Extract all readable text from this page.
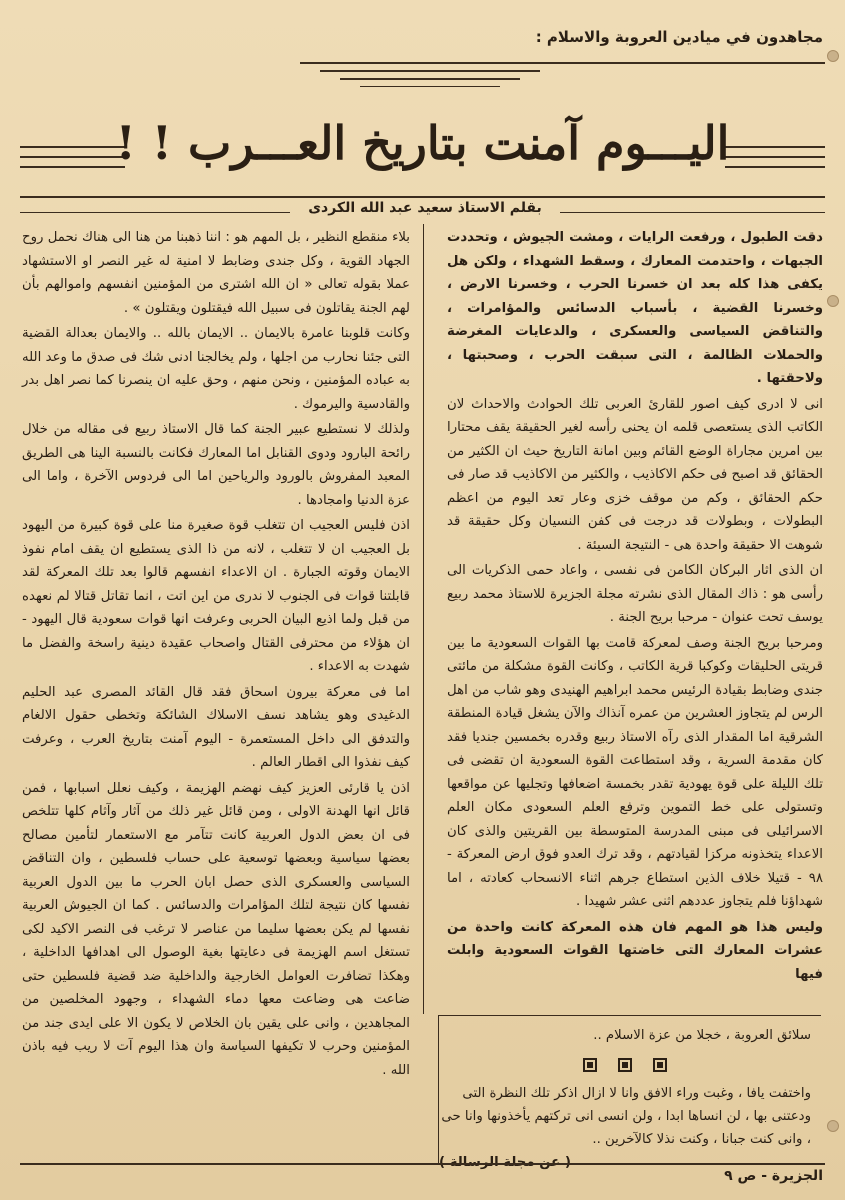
مجاهدون في ميادين العروبة والاسلام :
اليـــوم آمنت بتاريخ العـــرب ! !
بقلم الاستاذ سعيد عبد الله الكردى

دقت الطبول ، ورفعت الرايات ، ومشت الجيوش ، وتحددت الجبهات ، واحتدمت المعارك ، وسقط الشهداء ، ولكن هل يكفى هذا كله بعد ان خسرنا الحرب ، وخسرنا الارض ، وخسرنا القضية ، بأسباب الدسائس والمؤامرات ، والتناقض السياسى والعسكرى ، والدعايات المغرضة والحملات الظالمة ، التى سبقت الحرب ، وصحبتها ، ولاحقتها .

انى لا ادرى كيف اصور للقارئ العربى تلك الحوادث والاحداث لان الكاتب الذى يستعصى قلمه ان يحنى رأسه لغير الحقيقة يقف محتارا بين امرين مجاراة الوضع القائم وبين امانة التاريخ حيث ان الكثير من الحقائق قد اصبح فى حكم الاكاذيب ، والكثير من الاكاذيب قد صار فى حكم الحقائق ، وكم من موقف خزى وعار تعد اليوم من اعظم البطولات ، وبطولات قد درجت فى كفن النسيان وكل حقيقة قد شوهت الا حقيقة واحدة هى - النتيجة السيئة .

ان الذى اثار البركان الكامن فى نفسى ، واعاد حمى الذكريات الى رأسى هو : ذاك المقال الذى نشرته مجلة الجزيرة للاستاذ محمد ربيع يوسف تحت عنوان - مرحبا بريح الجنة .

ومرحبا بريح الجنة وصف لمعركة قامت بها القوات السعودية ما بين قريتى الحليقات وكوكبا قرية الكاتب ، وكانت القوة مشكلة من مائتى جندى وضابط بقيادة الرئيس محمد ابراهيم الهنيدى وهو شاب من اهل الرس لم يتجاوز العشرين من عمره آنذاك والآن يشغل قيادة المنطقة الشرقية اما المقدار الذى رآه الاستاذ ربيع وقدره بخمسين جنديا فقد كان مقدمة السرية ، وقد استطاعت القوة السعودية ان تقضى فى تلك الليلة على قوة يهودية تقدر بخمسة اضعافها وتجليها عن مواقعها وتستولى على خط التموين وترفع العلم السعودى مكان العلم الاسرائيلى فى مبنى المدرسة المتوسطة بين القريتين والذى كان الاعداء يتخذونه مركزا لقيادتهم ، وقد ترك العدو فوق ارض المعركة - ٩٨ - قتيلا خلاف الذين استطاع جرهم اثناء الانسحاب كعادته ، اما شهداؤنا فلم يتجاوز عددهم اثنى عشر شهيدا .

وليس هذا هو المهم فان هذه المعركة كانت واحدة من عشرات المعارك التى خاضتها القوات السعودية وابلت فيها

بلاء منقطع النظير ، بل المهم هو : اننا ذهبنا من هنا الى هناك نحمل روح الجهاد القوية ، وكل جندى وضابط لا امنية له غير النصر او الاستشهاد عملا بقوله تعالى « ان الله اشترى من المؤمنين انفسهم واموالهم بأن لهم الجنة يقاتلون فى سبيل الله فيقتلون ويقتلون » .

وكانت قلوبنا عامرة بالايمان .. الايمان بالله .. والايمان بعدالة القضية التى جئنا نحارب من اجلها ، ولم يخالجنا ادنى شك فى صدق ما وعد الله به عباده المؤمنين ، ونحن منهم ، وحق عليه ان ينصرنا كما نصر اهل بدر والقادسية واليرموك .

ولذلك لا نستطيع عبير الجنة كما قال الاستاذ ربيع فى مقاله من خلال رائحة البارود ودوى القنابل اما المعارك فكانت بالنسبة الينا هى الطريق المعبد المفروش بالورود والرياحين اما الى فردوس الآخرة ، واما الى عزة الدنيا وامجادها .

اذن فليس العجيب ان تتغلب قوة صغيرة منا على قوة كبيرة من اليهود بل العجيب ان لا تتغلب ، لانه من ذا الذى يستطيع ان يقف امام نفوذ الايمان وقوته الجبارة . ان الاعداء انفسهم قالوا بعد تلك المعركة لقد قابلتنا قوات فى الجنوب لا ندرى من اين اتت ، انما تقاتل قتالا لم نعهده من قبل ولما اذيع البيان الحربى وعرفت انها قوات سعودية قال اليهود - ان هؤلاء من محترفى القتال واصحاب عقيدة دينية راسخة والفضل ما شهدت به الاعداء .

اما فى معركة بيرون اسحاق فقد قال القائد المصرى عبد الحليم الدغيدى وهو يشاهد نسف الاسلاك الشائكة وتخطى حقول الالغام والتدفق الى داخل المستعمرة - اليوم آمنت بتاريخ العرب ، وعرفت كيف نفذوا الى اقطار العالم .

اذن يا قارئى العزيز كيف نهضم الهزيمة ، وكيف نعلل اسبابها ، فمن قائل انها الهدنة الاولى ، ومن قائل غير ذلك من آثار وآثام كلها تتلخص فى ان بعض الدول العربية كانت تتآمر مع الاستعمار لتأمين مصالح بعضها سياسية وبعضها توسعية على حساب فلسطين ، وان التناقض السياسى والعسكرى الذى حصل ابان الحرب ما بين الدول العربية نفسها كان نتيجة لتلك المؤامرات والدسائس . كما ان الجيوش العربية نفسها لم يكن بعضها سليما من عناصر لا ترغب فى النصر الاكيد لكى تستغل اسم الهزيمة فى دعايتها بغية الوصول الى اهدافها الداخلية ، وهكذا تضافرت العوامل الخارجية والداخلية ضد قضية فلسطين حتى ضاعت هى وضاعت معها دماء الشهداء ، وجهود المخلصين من المجاهدين ، وانى على يقين بان الخلاص لا يكون الا على ايدى جند من المؤمنين وحرب لا تكيفها السياسة وان هذا اليوم آت لا ريب فيه باذن الله .

سلائق العروبة ، خجلا من عزة الاسلام ..

واختفت يافا ، وغبت وراء الافق وانا لا ازال اذكر تلك النظرة التى ودعتنى بها ، لن انساها ابدا ، ولن انسى انى تركتهم يأخذونها وانا حى ، وانى كنت جبانا ، وكنت نذلا كالآخرين ..
( عن مجلة الرسالة )
الجزيرة - ص ٩
